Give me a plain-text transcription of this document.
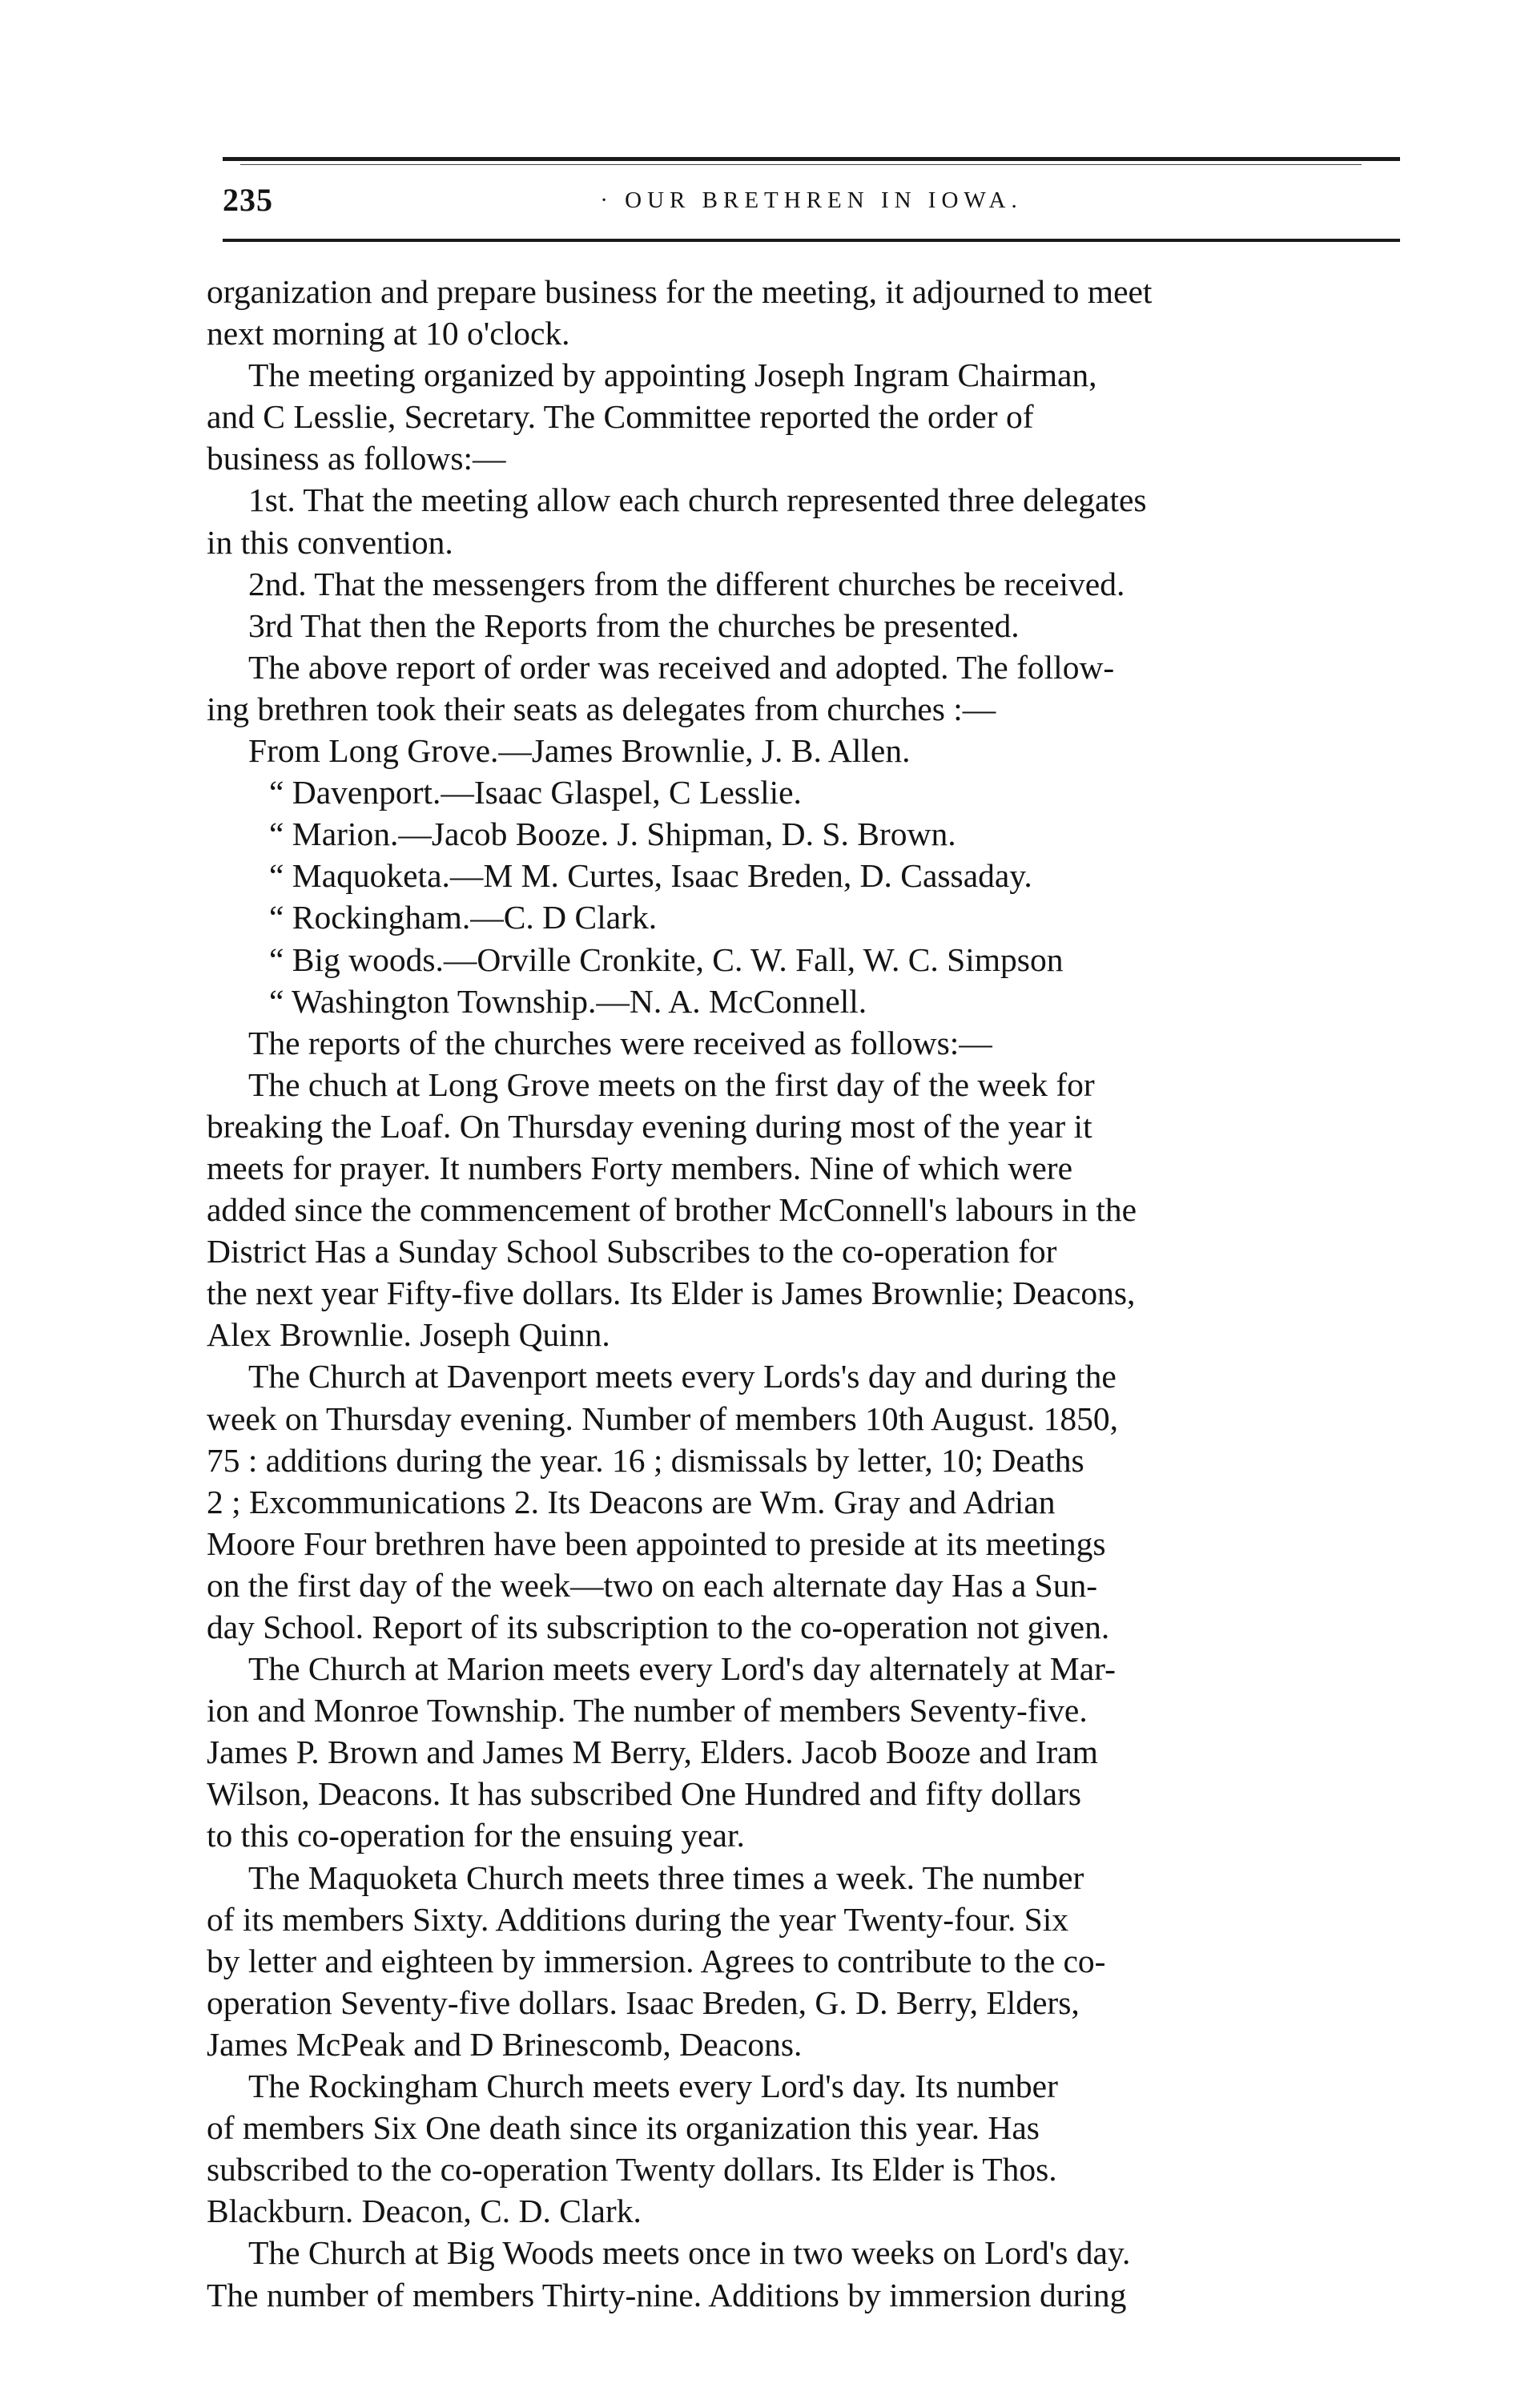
235	· OUR BRETHREN IN IOWA.
organization and prepare business for the meeting, it adjourned to meet
next morning at 10 o'clock.
The meeting organized by appointing Joseph Ingram Chairman,
and C Lesslie, Secretary. The Committee reported the order of
business as follows:—
1st. That the meeting allow each church represented three delegates
in this convention.
2nd. That the messengers from the different churches be received.
3rd That then the Reports from the churches be presented.
The above report of order was received and adopted. The follow-
ing brethren took their seats as delegates from churches :—
From Long Grove.—James Brownlie, J. B. Allen.
“ Davenport.—Isaac Glaspel, C Lesslie.
“ Marion.—Jacob Booze. J. Shipman, D. S. Brown.
“ Maquoketa.—M M. Curtes, Isaac Breden, D. Cassaday.
“ Rockingham.—C. D Clark.
“ Big woods.—Orville Cronkite, C. W. Fall, W. C. Simpson
“ Washington Township.—N. A. McConnell.
The reports of the churches were received as follows:—
The chuch at Long Grove meets on the first day of the week for
breaking the Loaf. On Thursday evening during most of the year it
meets for prayer. It numbers Forty members. Nine of which were
added since the commencement of brother McConnell's labours in the
District Has a Sunday School Subscribes to the co-operation for
the next year Fifty-five dollars. Its Elder is James Brownlie; Deacons,
Alex Brownlie. Joseph Quinn.
The Church at Davenport meets every Lords's day and during the
week on Thursday evening. Number of members 10th August. 1850,
75 : additions during the year. 16 ; dismissals by letter, 10; Deaths
2 ; Excommunications 2. Its Deacons are Wm. Gray and Adrian
Moore Four brethren have been appointed to preside at its meetings
on the first day of the week—two on each alternate day Has a Sun-
day School. Report of its subscription to the co-operation not given.
The Church at Marion meets every Lord's day alternately at Mar-
ion and Monroe Township. The number of members Seventy-five.
James P. Brown and James M Berry, Elders. Jacob Booze and Iram
Wilson, Deacons. It has subscribed One Hundred and fifty dollars
to this co-operation for the ensuing year.
The Maquoketa Church meets three times a week. The number
of its members Sixty. Additions during the year Twenty-four. Six
by letter and eighteen by immersion. Agrees to contribute to the co-
operation Seventy-five dollars. Isaac Breden, G. D. Berry, Elders,
James McPeak and D Brinescomb, Deacons.
The Rockingham Church meets every Lord's day. Its number
of members Six One death since its organization this year. Has
subscribed to the co-operation Twenty dollars. Its Elder is Thos.
Blackburn. Deacon, C. D. Clark.
The Church at Big Woods meets once in two weeks on Lord's day.
The number of members Thirty-nine. Additions by immersion during
